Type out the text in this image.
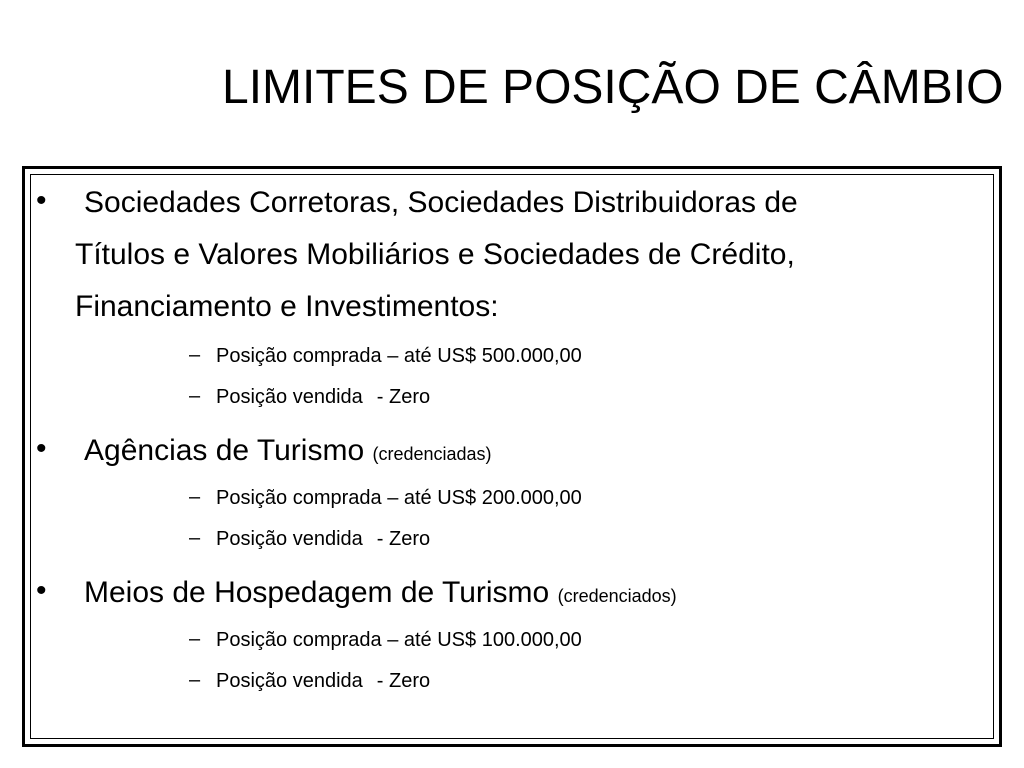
LIMITES DE POSIÇÃO DE CÂMBIO
• Sociedades Corretoras, Sociedades Distribuidoras de
Títulos e Valores Mobiliários e Sociedades de Crédito,
Financiamento e Investimentos:
– Posição comprada – até US$ 500.000,00
– Posição vendida - Zero
• Agências de Turismo (credenciadas)
– Posição comprada – até US$ 200.000,00
– Posição vendida - Zero
• Meios de Hospedagem de Turismo (credenciados)
– Posição comprada – até US$ 100.000,00
– Posição vendida - Zero
